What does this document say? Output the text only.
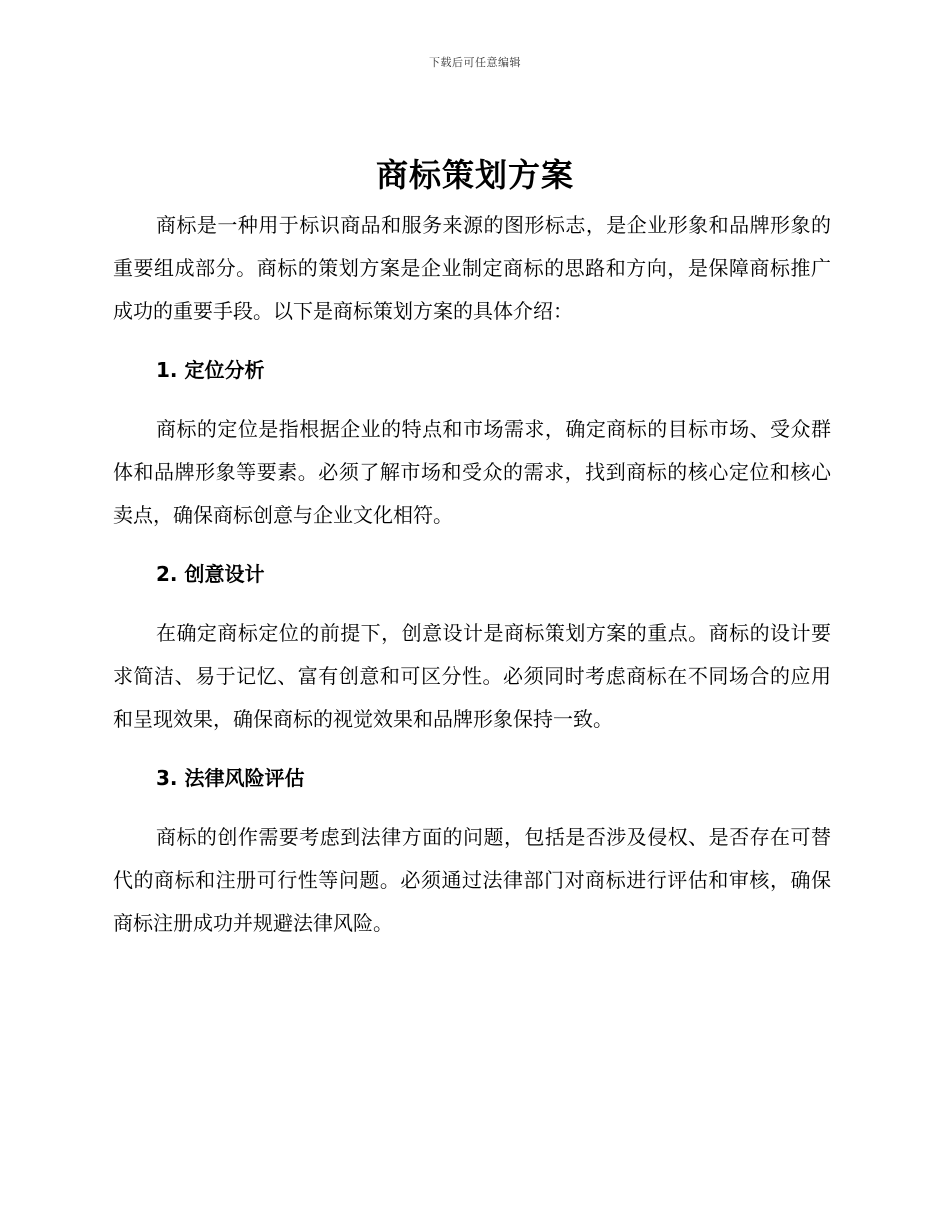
下载后可任意编辑
商标策划方案

商标是一种用于标识商品和服务来源的图形标志，是企业形象和品牌形象的重要组成部分。商标的策划方案是企业制定商标的思路和方向，是保障商标推广成功的重要手段。以下是商标策划方案的具体介绍：

1. 定位分析

商标的定位是指根据企业的特点和市场需求，确定商标的目标市场、受众群体和品牌形象等要素。必须了解市场和受众的需求，找到商标的核心定位和核心卖点，确保商标创意与企业文化相符。

2. 创意设计

在确定商标定位的前提下，创意设计是商标策划方案的重点。商标的设计要求简洁、易于记忆、富有创意和可区分性。必须同时考虑商标在不同场合的应用和呈现效果，确保商标的视觉效果和品牌形象保持一致。

3. 法律风险评估

商标的创作需要考虑到法律方面的问题，包括是否涉及侵权、是否存在可替代的商标和注册可行性等问题。必须通过法律部门对商标进行评估和审核，确保商标注册成功并规避法律风险。
